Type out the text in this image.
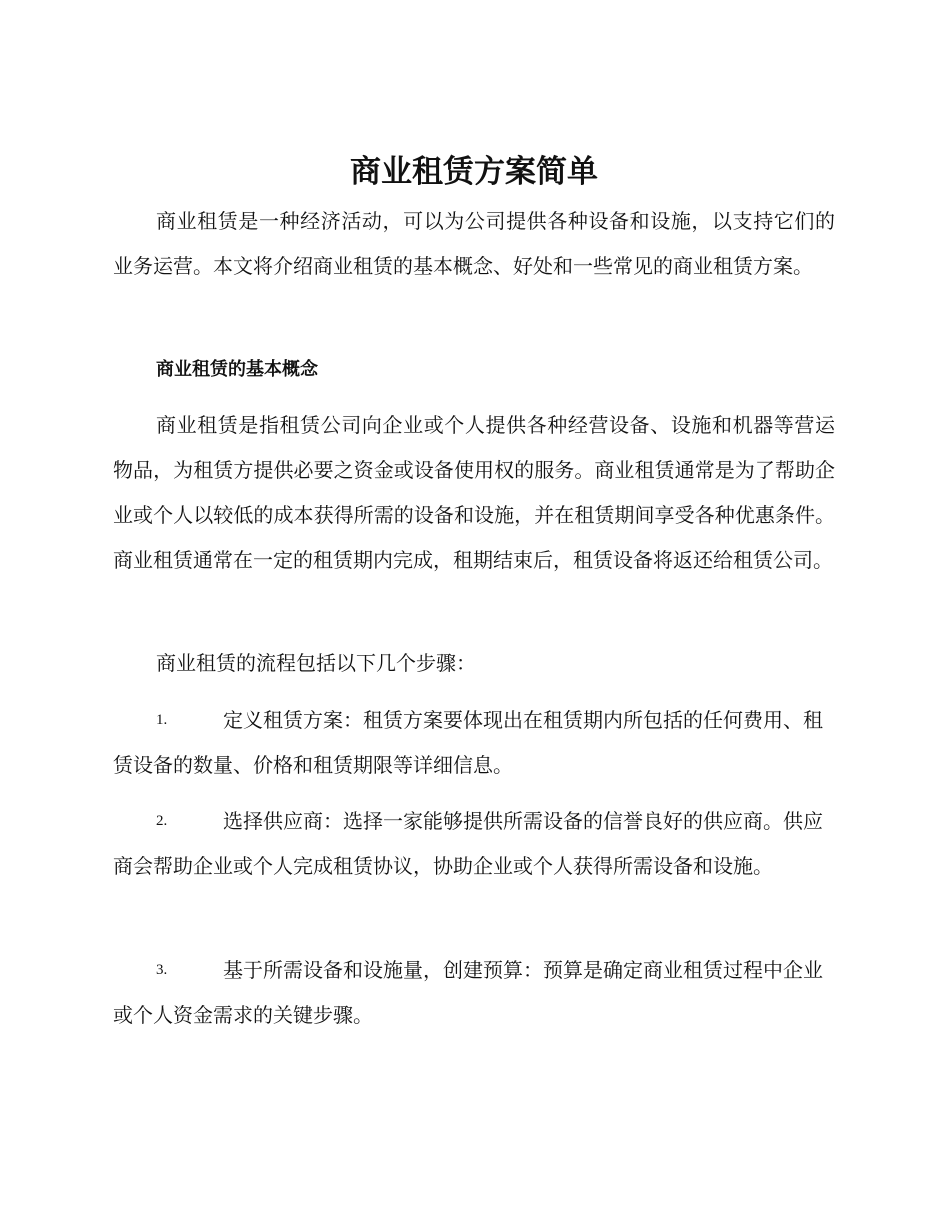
商业租赁方案简单

商业租赁是一种经济活动，可以为公司提供各种设备和设施，以支持它们的业务运营。本文将介绍商业租赁的基本概念、好处和一些常见的商业租赁方案。

商业租赁的基本概念

商业租赁是指租赁公司向企业或个人提供各种经营设备、设施和机器等营运物品，为租赁方提供必要之资金或设备使用权的服务。商业租赁通常是为了帮助企业或个人以较低的成本获得所需的设备和设施，并在租赁期间享受各种优惠条件。商业租赁通常在一定的租赁期内完成，租期结束后，租赁设备将返还给租赁公司。

商业租赁的流程包括以下几个步骤：

1.	定义租赁方案：租赁方案要体现出在租赁期内所包括的任何费用、租赁设备的数量、价格和租赁期限等详细信息。

2.	选择供应商：选择一家能够提供所需设备的信誉良好的供应商。供应商会帮助企业或个人完成租赁协议，协助企业或个人获得所需设备和设施。

3.	基于所需设备和设施量，创建预算：预算是确定商业租赁过程中企业或个人资金需求的关键步骤。
